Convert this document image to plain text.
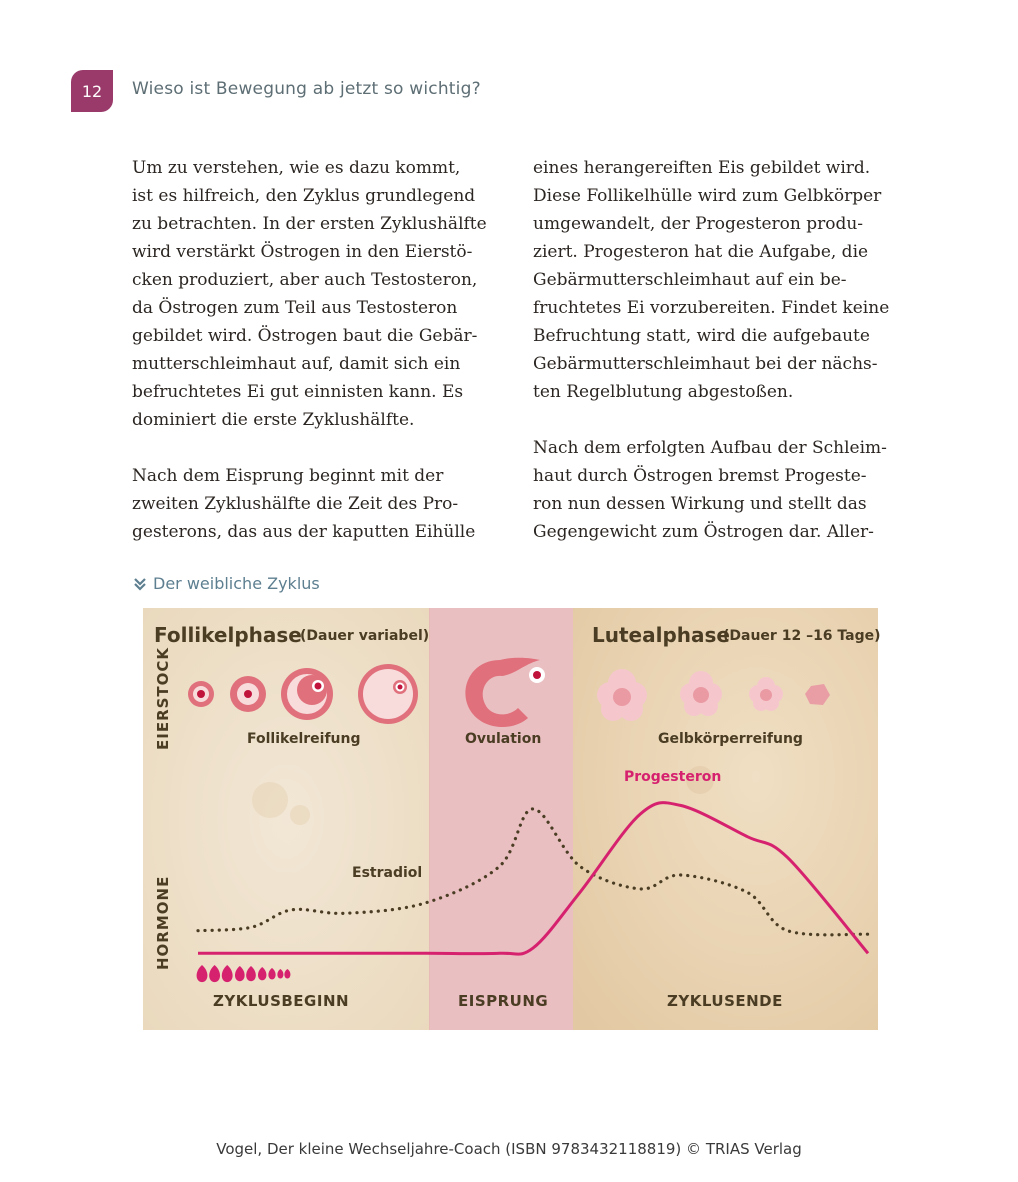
12 Wieso ist Bewegung ab jetzt so wichtig?

Um zu verstehen, wie es dazu kommt,
ist es hilfreich, den Zyklus grundlegend
zu betrachten. In der ersten Zyklushälfte
wird verstärkt Östrogen in den Eierstö-
cken produziert, aber auch Testosteron,
da Östrogen zum Teil aus Testosteron
gebildet wird. Östrogen baut die Gebär-
mutterschleimhaut auf, damit sich ein
befruchtetes Ei gut einnisten kann. Es
dominiert die erste Zyklushälfte.

Nach dem Eisprung beginnt mit der
zweiten Zyklushälfte die Zeit des Pro-
gesterons, das aus der kaputten Eihülle

eines herangereiften Eis gebildet wird.
Diese Follikelhülle wird zum Gelbkörper
umgewandelt, der Progesteron produ-
ziert. Progesteron hat die Aufgabe, die
Gebärmutterschleimhaut auf ein be-
fruchtetes Ei vorzubereiten. Findet keine
Befruchtung statt, wird die aufgebaute
Gebärmutterschleimhaut bei der nächs-
ten Regelblutung abgestoßen.

Nach dem erfolgten Aufbau der Schleim-
haut durch Östrogen bremst Progeste-
ron nun dessen Wirkung und stellt das
Gegengewicht zum Östrogen dar. Aller-

Der weibliche Zyklus
Follikelphase
(Dauer variabel)	Lutealphase
(Dauer 12 –16 Tage)
EIERSTOCK
HORMONE
Follikelreifung	Ovulation	Gelbkörperreifung
Estradiol
Progesteron
ZYKLUSBEGINN	EISPRUNG	ZYKLUSENDE
Vogel, Der kleine Wechseljahre-Coach (ISBN 9783432118819) © TRIAS Verlag
